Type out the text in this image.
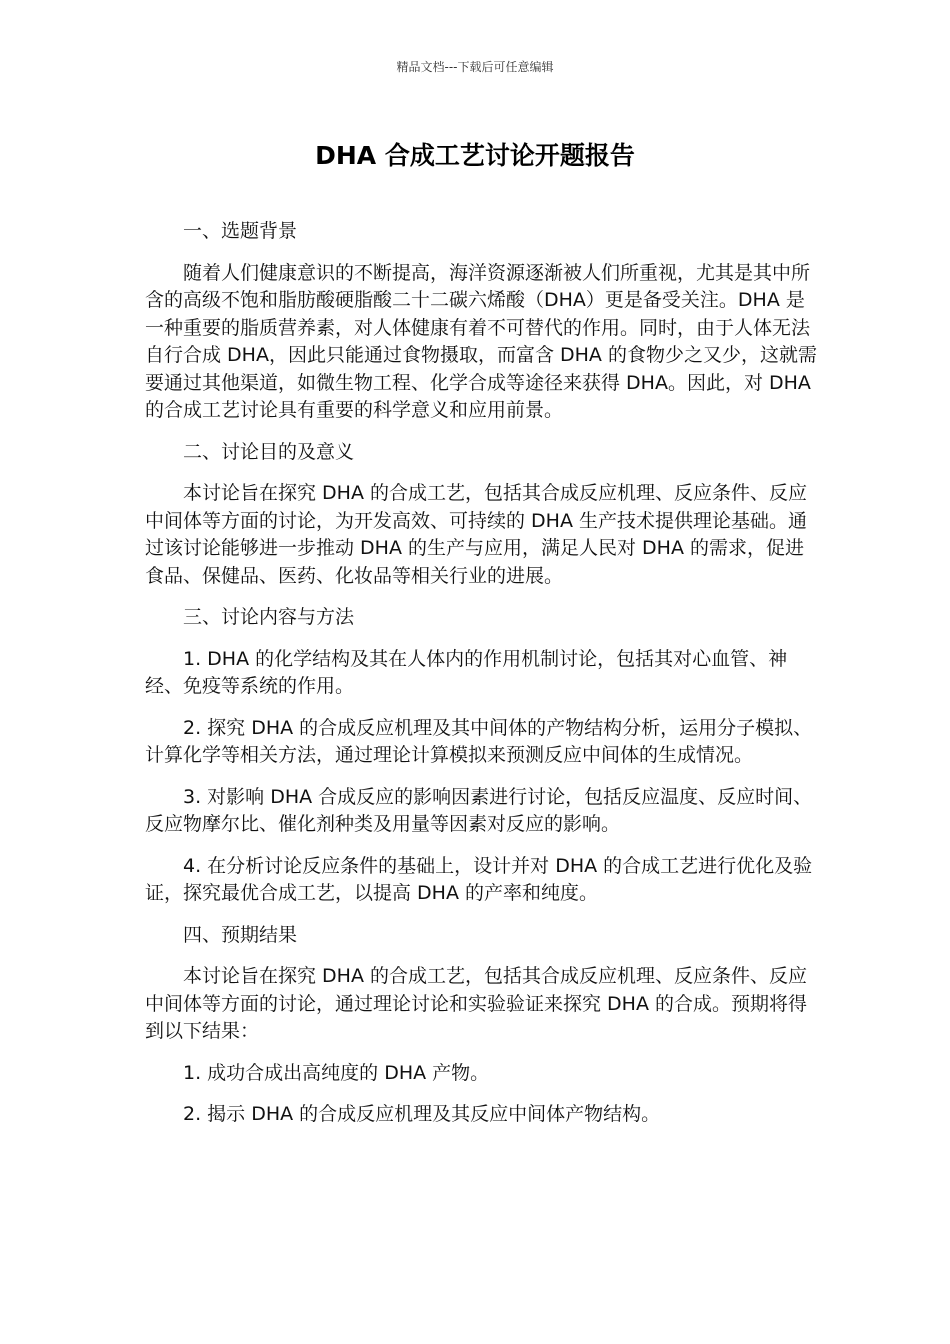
精品文档---下载后可任意编辑
DHA 合成工艺讨论开题报告

一、选题背景

随着人们健康意识的不断提高，海洋资源逐渐被人们所重视，尤其是其中所含的高级不饱和脂肪酸硬脂酸二十二碳六烯酸（DHA）更是备受关注。DHA 是一种重要的脂质营养素，对人体健康有着不可替代的作用。同时，由于人体无法自行合成 DHA，因此只能通过食物摄取，而富含 DHA 的食物少之又少，这就需要通过其他渠道，如微生物工程、化学合成等途径来获得 DHA。因此，对 DHA 的合成工艺讨论具有重要的科学意义和应用前景。

二、讨论目的及意义

本讨论旨在探究 DHA 的合成工艺，包括其合成反应机理、反应条件、反应中间体等方面的讨论，为开发高效、可持续的 DHA 生产技术提供理论基础。通过该讨论能够进一步推动 DHA 的生产与应用，满足人民对 DHA 的需求，促进食品、保健品、医药、化妆品等相关行业的进展。

三、讨论内容与方法

1. DHA 的化学结构及其在人体内的作用机制讨论，包括其对心血管、神经、免疫等系统的作用。

2. 探究 DHA 的合成反应机理及其中间体的产物结构分析，运用分子模拟、计算化学等相关方法，通过理论计算模拟来预测反应中间体的生成情况。

3. 对影响 DHA 合成反应的影响因素进行讨论，包括反应温度、反应时间、反应物摩尔比、催化剂种类及用量等因素对反应的影响。

4. 在分析讨论反应条件的基础上，设计并对 DHA 的合成工艺进行优化及验证，探究最优合成工艺，以提高 DHA 的产率和纯度。

四、预期结果

本讨论旨在探究 DHA 的合成工艺，包括其合成反应机理、反应条件、反应中间体等方面的讨论，通过理论讨论和实验验证来探究 DHA 的合成。预期将得到以下结果：

1. 成功合成出高纯度的 DHA 产物。

2. 揭示 DHA 的合成反应机理及其反应中间体产物结构。
